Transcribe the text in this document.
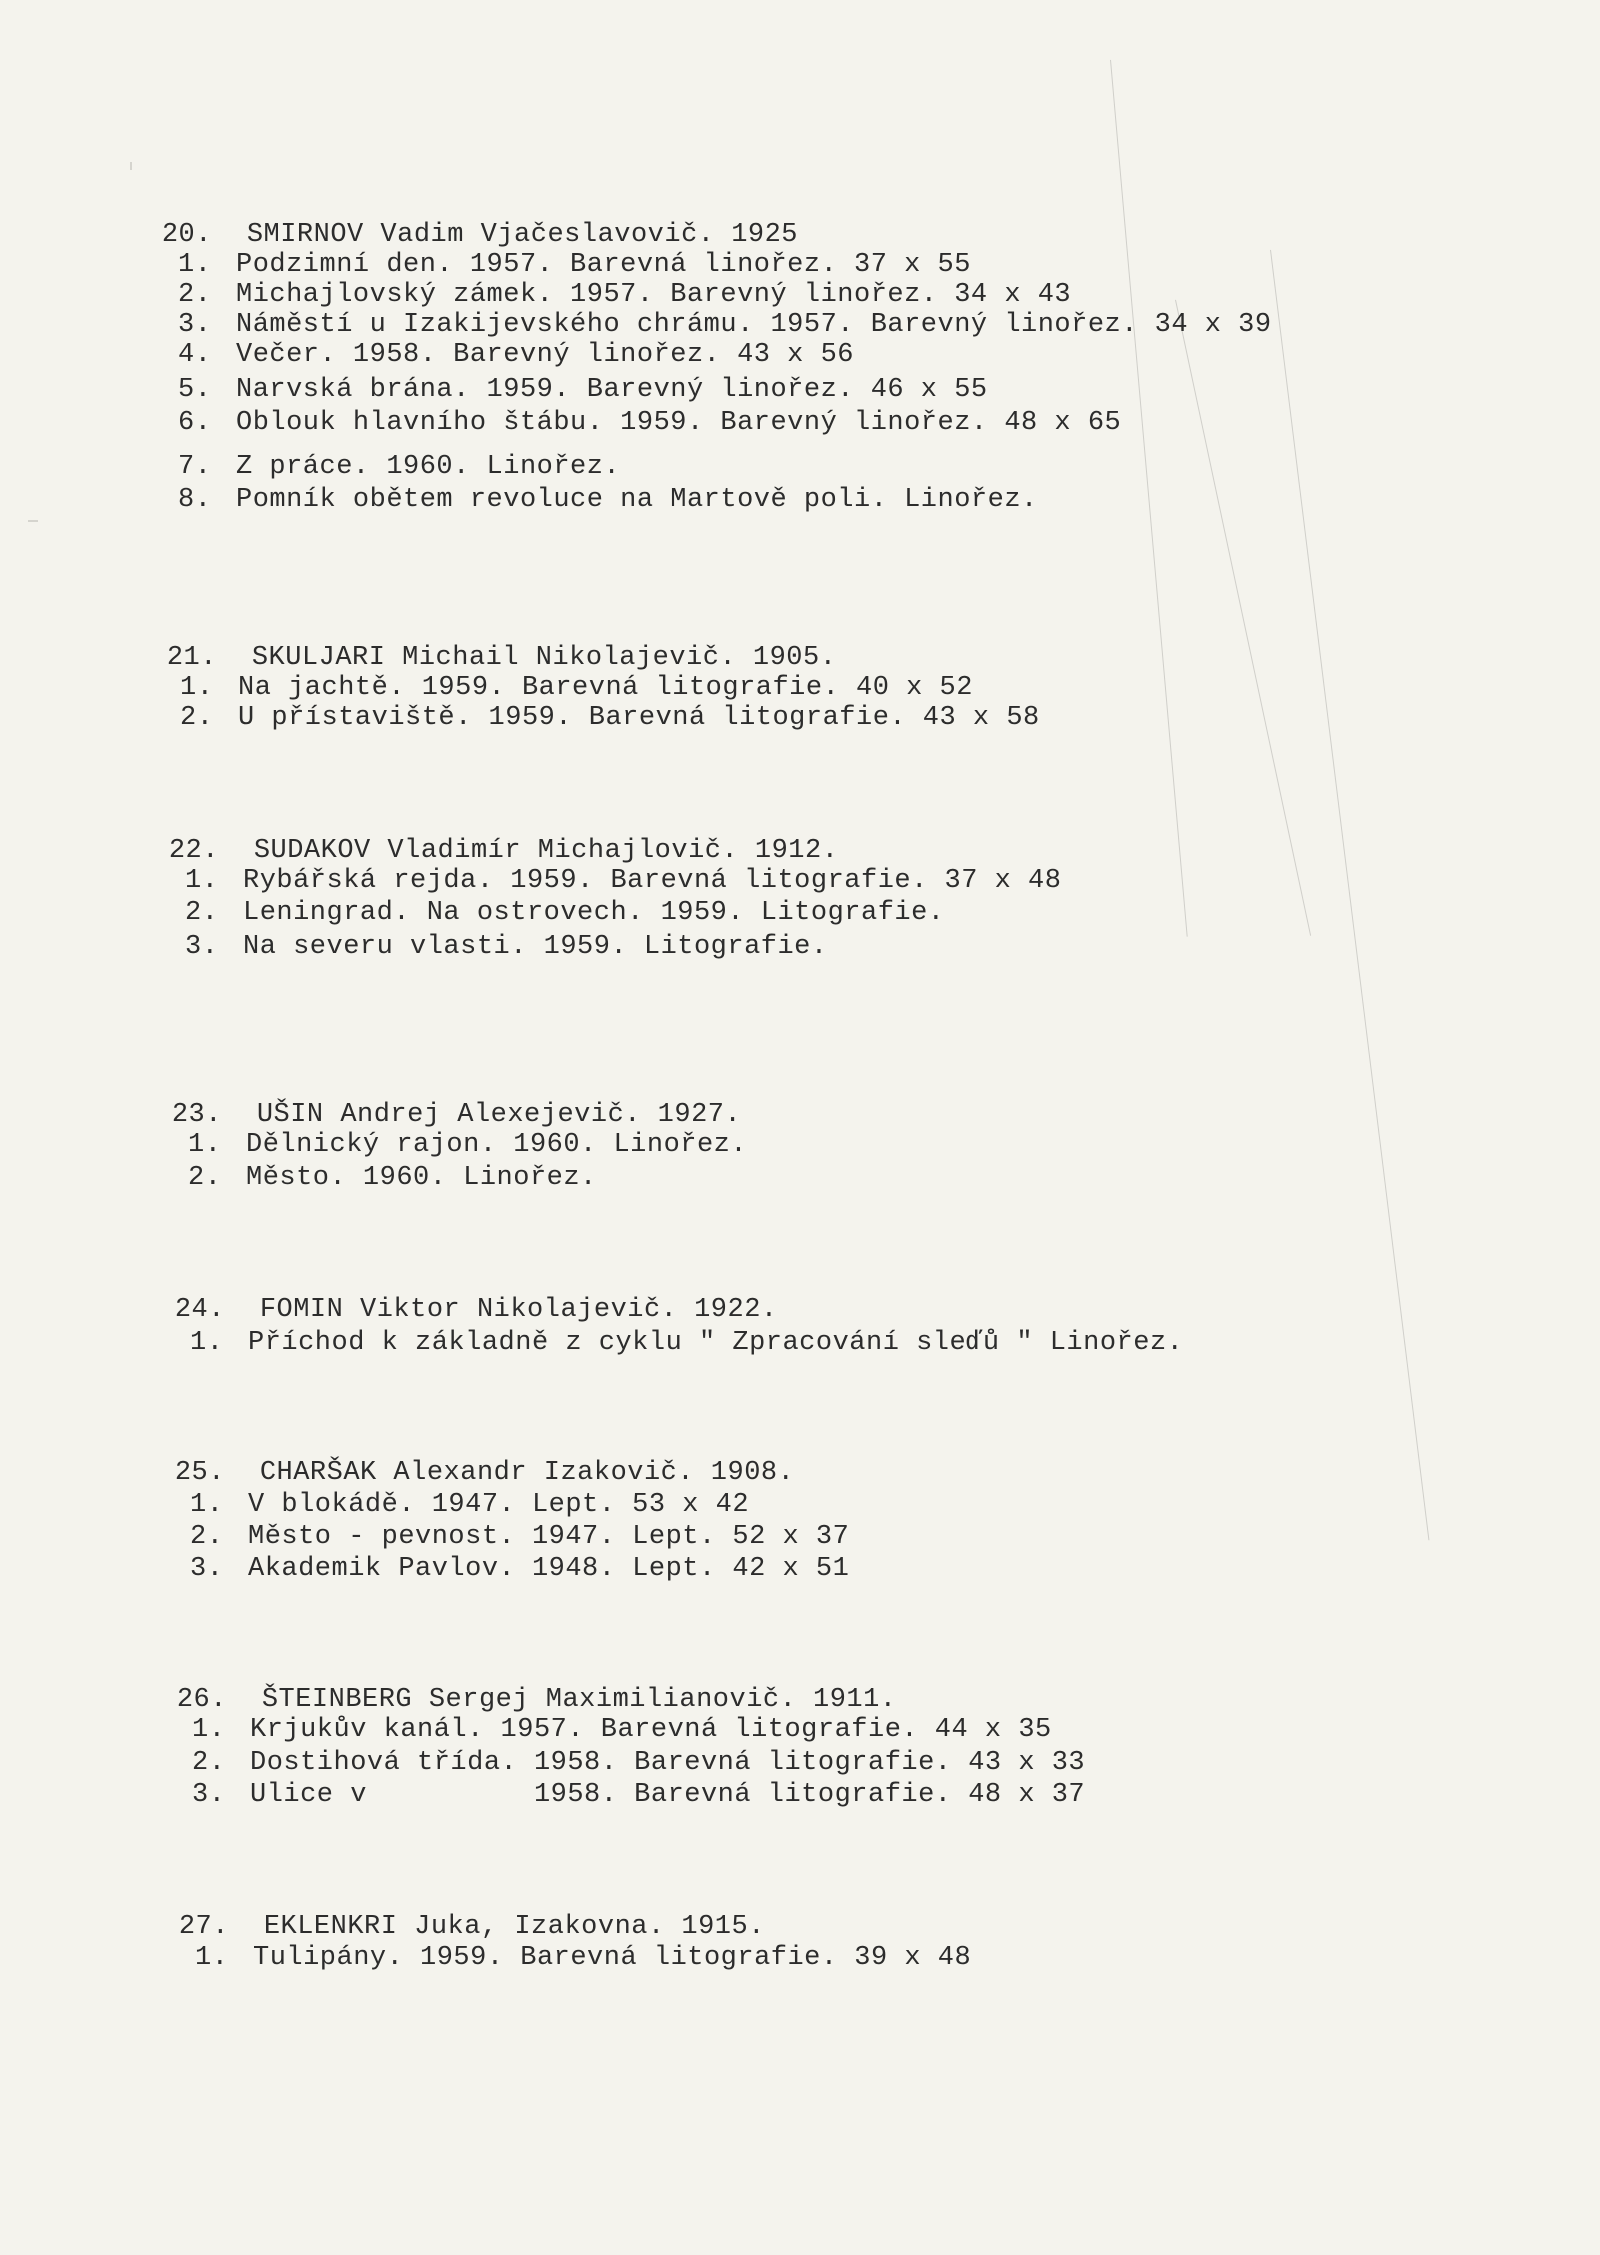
20. SMIRNOV Vadim Vjačeslavovič. 1925

1. Podzimní den. 1957. Barevná linořez. 37 x 55
2. Michajlovský zámek. 1957. Barevný linořez. 34 x 43
3. Náměstí u Izakijevského chrámu. 1957. Barevný linořez. 34 x 39
4. Večer. 1958. Barevný linořez. 43 x 56
5. Narvská brána. 1959. Barevný linořez. 46 x 55
6. Oblouk hlavního štábu. 1959. Barevný linořez. 48 x 65
7. Z práce. 1960. Linořez.
8. Pomník obětem revoluce na Martově poli. Linořez.

21. SKULJARI Michail Nikolajevič. 1905.

1. Na jachtě. 1959. Barevná litografie. 40 x 52
2. U přístaviště. 1959. Barevná litografie. 43 x 58

22. SUDAKOV Vladimír Michajlovič. 1912.

1. Rybářská rejda. 1959. Barevná litografie. 37 x 48
2. Leningrad. Na ostrovech. 1959. Litografie.
3. Na severu vlasti. 1959. Litografie.

23. UŠIN Andrej Alexejevič. 1927.

1. Dělnický rajon. 1960. Linořez.
2. Město. 1960. Linořez.

24. FOMIN Viktor Nikolajevič. 1922.

1. Příchod k základně z cyklu " Zpracování sleďů " Linořez.

25. CHARŠAK Alexandr Izakovič. 1908.

1. V blokádě. 1947. Lept. 53 x 42
2. Město - pevnost. 1947. Lept. 52 x 37
3. Akademik Pavlov. 1948. Lept. 42 x 51

26. ŠTEINBERG Sergej Maximilianovič. 1911.

1. Krjukův kanál. 1957. Barevná litografie. 44 x 35
2. Dostihová třída. 1958. Barevná litografie. 43 x 33
3. Ulice v          1958. Barevná litografie. 48 x 37

27. EKLENKRI Juka, Izakovna. 1915.

1. Tulipány. 1959. Barevná litografie. 39 x 48
